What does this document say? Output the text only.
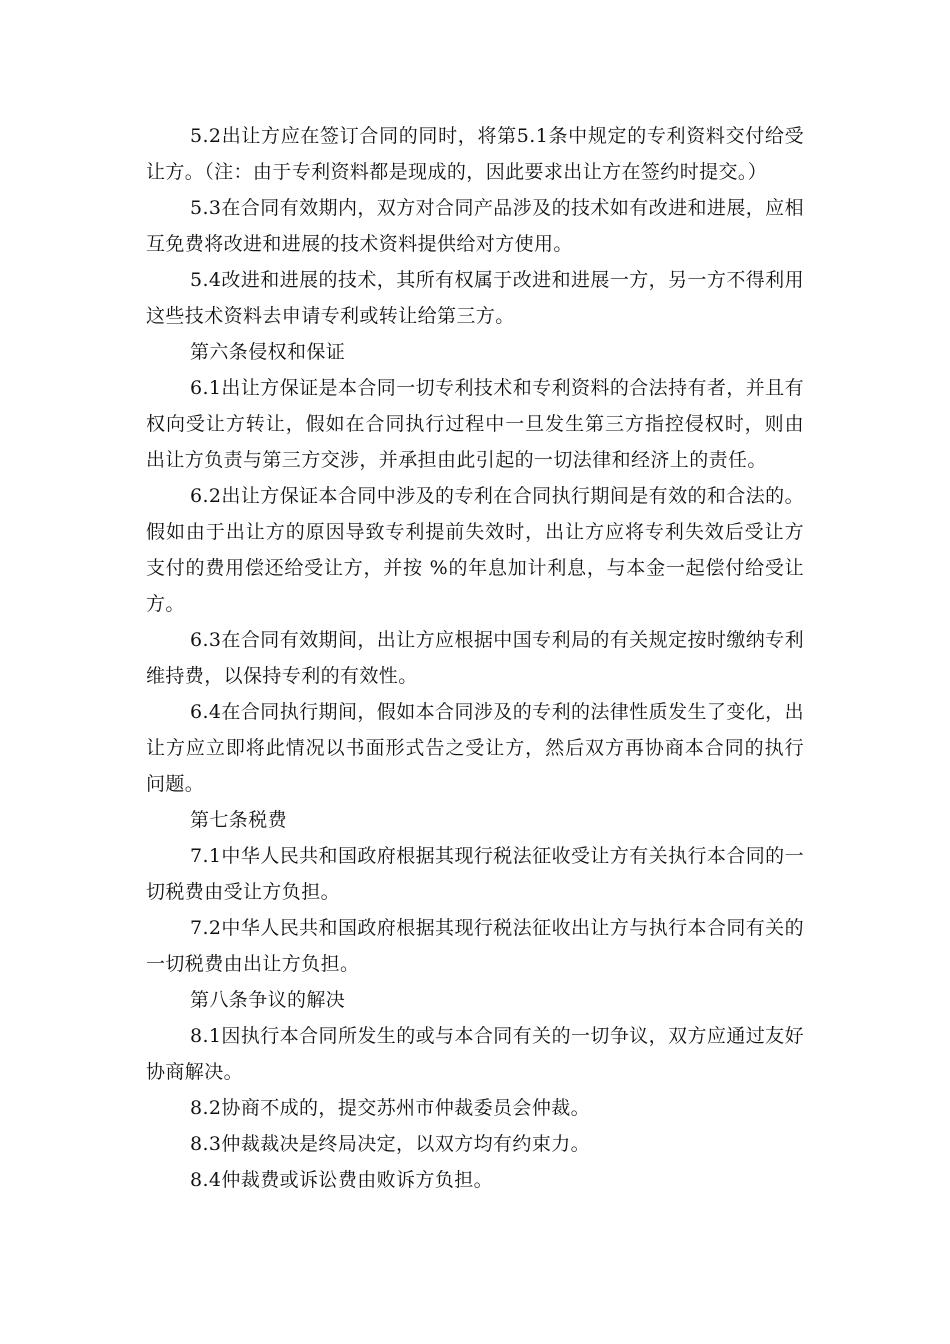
5.2出让方应在签订合同的同时，将第5.1条中规定的专利资料交付给受让方。（注：由于专利资料都是现成的，因此要求出让方在签约时提交。）

5.3在合同有效期内，双方对合同产品涉及的技术如有改进和进展，应相互免费将改进和进展的技术资料提供给对方使用。

5.4改进和进展的技术，其所有权属于改进和进展一方，另一方不得利用这些技术资料去申请专利或转让给第三方。

第六条侵权和保证

6.1出让方保证是本合同一切专利技术和专利资料的合法持有者，并且有权向受让方转让，假如在合同执行过程中一旦发生第三方指控侵权时，则由出让方负责与第三方交涉，并承担由此引起的一切法律和经济上的责任。

6.2出让方保证本合同中涉及的专利在合同执行期间是有效的和合法的。假如由于出让方的原因导致专利提前失效时，出让方应将专利失效后受让方支付的费用偿还给受让方，并按 %的年息加计利息，与本金一起偿付给受让方。

6.3在合同有效期间，出让方应根据中国专利局的有关规定按时缴纳专利维持费，以保持专利的有效性。

6.4在合同执行期间，假如本合同涉及的专利的法律性质发生了变化，出让方应立即将此情况以书面形式告之受让方，然后双方再协商本合同的执行问题。

第七条税费

7.1中华人民共和国政府根据其现行税法征收受让方有关执行本合同的一切税费由受让方负担。

7.2中华人民共和国政府根据其现行税法征收出让方与执行本合同有关的一切税费由出让方负担。

第八条争议的解决

8.1因执行本合同所发生的或与本合同有关的一切争议，双方应通过友好协商解决。

8.2协商不成的，提交苏州市仲裁委员会仲裁。

8.3仲裁裁决是终局决定，以双方均有约束力。

8.4仲裁费或诉讼费由败诉方负担。
